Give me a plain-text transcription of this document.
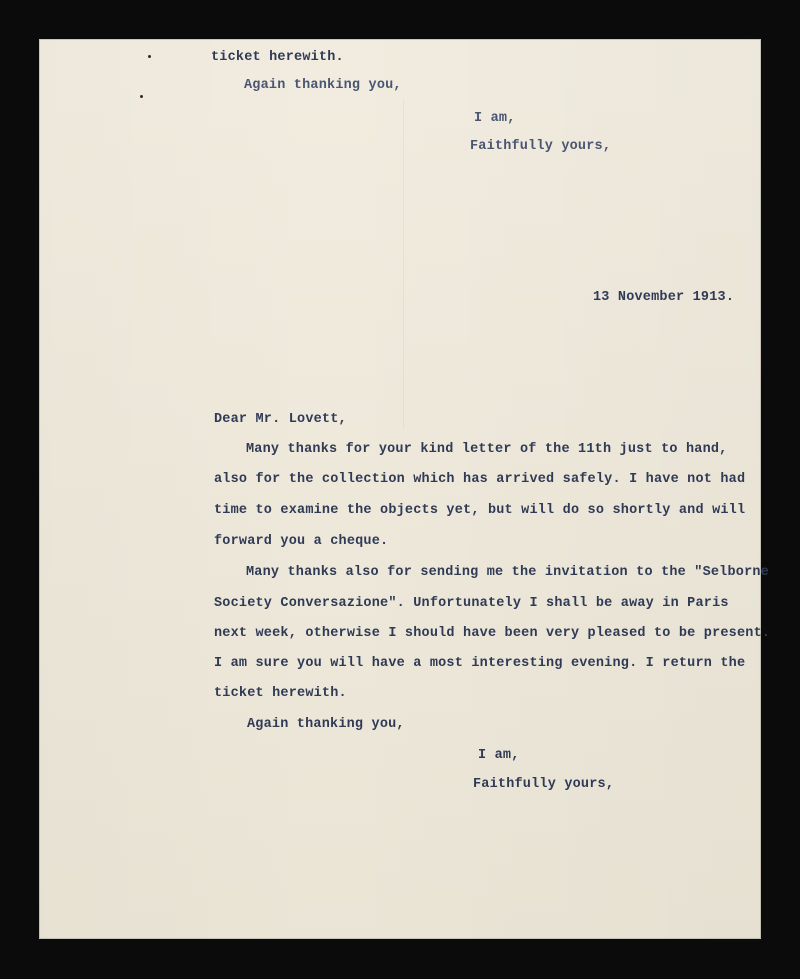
ticket herewith.
Again thanking you,
I am,
Faithfully yours,
13 November 1913.
Dear Mr. Lovett,
Many thanks for your kind letter of the 11th just to hand,
also for the collection which has arrived safely. I have not had
time to examine the objects yet, but will do so shortly and will
forward you a cheque.
Many thanks also for sending me the invitation to the "Selborne
Society Conversazione". Unfortunately I shall be away in Paris
next week, otherwise I should have been very pleased to be present.
I am sure you will have a most interesting evening. I return the
ticket herewith.
Again thanking you,
I am,
Faithfully yours,
